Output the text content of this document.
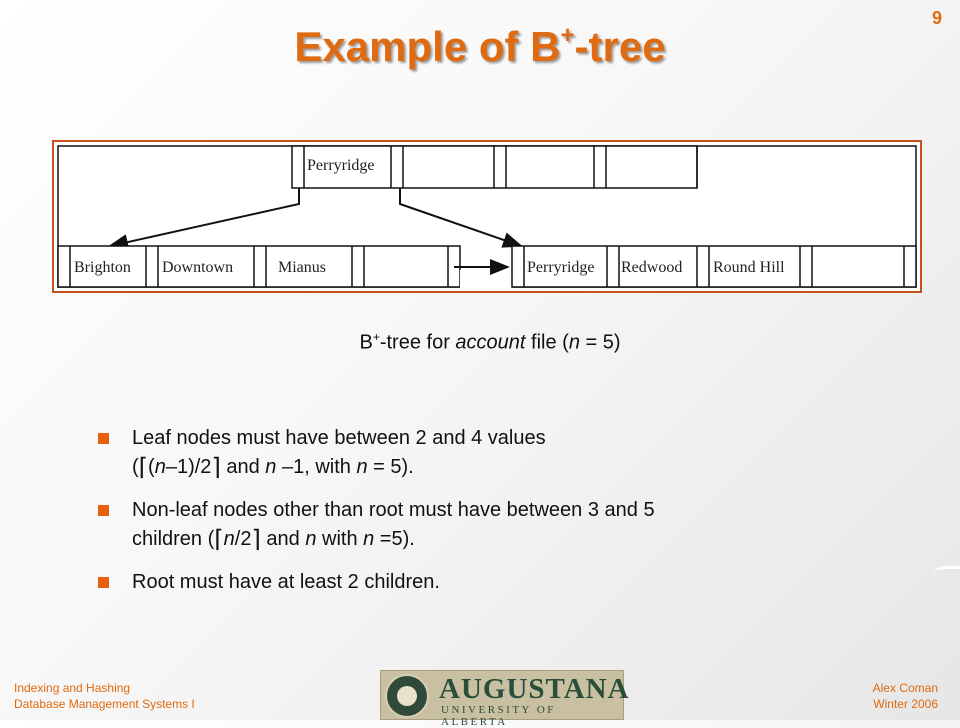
Example of B+-tree
9
Perryridge
Brighton Downtown	Mianus	Perryridge Redwood Round Hill
B+-tree for account file (n = 5)
Leaf nodes must have between 2 and 4 values
(⌈(n–1)/2⌉ and n –1, with n = 5).
Non-leaf nodes other than root must have between 3 and 5
children (⌈n/2⌉ and n with n =5).
Root must have at least 2 children.
Indexing and Hashing
Database Management Systems I	AUGUSTANA
UNIVERSITY OF ALBERTA
Alex Coman
Winter 2006
